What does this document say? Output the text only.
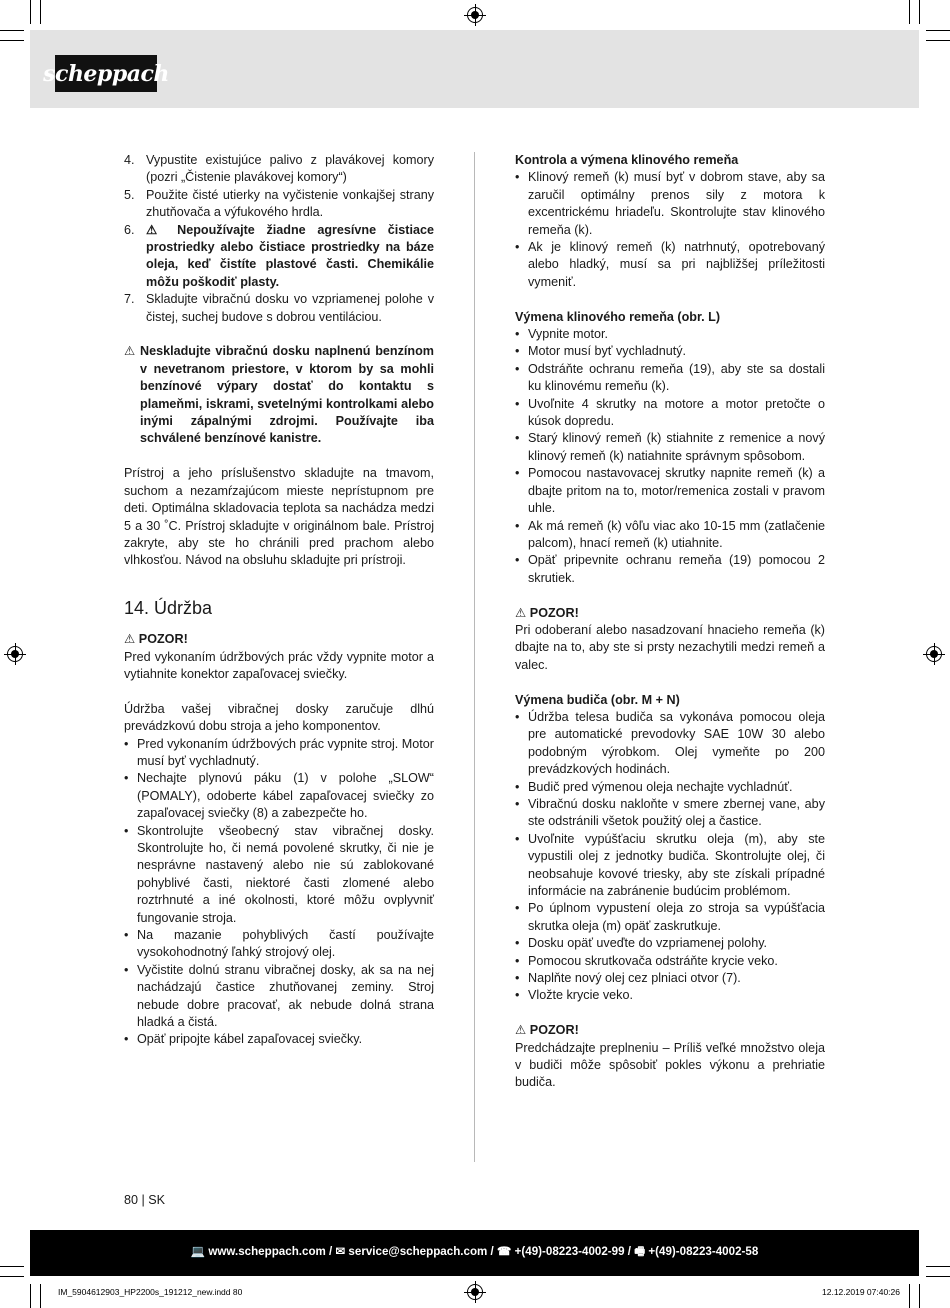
scheppach
4. Vypustite existujúce palivo z plavákovej komory (pozri „Čistenie plavákovej komory“)
5. Použite čisté utierky na vyčistenie vonkajšej strany zhutňovača a výfukového hrdla.
6. ⚠ Nepoužívajte žiadne agresívne čistiace prostriedky alebo čistiace prostriedky na báze oleja, keď čistíte plastové časti. Chemikálie môžu poškodiť plasty.
7. Skladujte vibračnú dosku vo vzpriamenej polohe v čistej, suchej budove s dobrou ventiláciou.
⚠ Neskladujte vibračnú dosku naplnenú benzínom v nevetranom priestore, v ktorom by sa mohli benzínové výpary dostať do kontaktu s plameňmi, iskrami, svetelnými kontrolkami alebo inými zápalnými zdrojmi. Používajte iba schválené benzínové kanistre.
Prístroj a jeho príslušenstvo skladujte na tmavom, suchom a nezamŕzajúcom mieste neprístupnom pre deti. Optimálna skladovacia teplota sa nachádza medzi 5 a 30 ˚C. Prístroj skladujte v originálnom bale. Prístroj zakryte, aby ste ho chránili pred prachom alebo vlhkosťou. Návod na obsluhu skladujte pri prístroji.
14. Údržba
⚠ POZOR!
Pred vykonaním údržbových prác vždy vypnite motor a vytiahnite konektor zapaľovacej sviečky.
Údržba vašej vibračnej dosky zaručuje dlhú prevádzkovú dobu stroja a jeho komponentov.
• Pred vykonaním údržbových prác vypnite stroj. Motor musí byť vychladnutý.
• Nechajte plynovú páku (1) v polohe „SLOW“ (POMALY), odoberte kábel zapaľovacej sviečky zo zapaľovacej sviečky (8) a zabezpečte ho.
• Skontrolujte všeobecný stav vibračnej dosky. Skontrolujte ho, či nemá povolené skrutky, či nie je nesprávne nastavený alebo nie sú zablokované pohyblivé časti, niektoré časti zlomené alebo roztrhnuté a iné okolnosti, ktoré môžu ovplyvniť fungovanie stroja.
• Na mazanie pohyblivých častí používajte vysokohodnotný ľahký strojový olej.
• Vyčistite dolnú stranu vibračnej dosky, ak sa na nej nachádzajú častice zhutňovanej zeminy. Stroj nebude dobre pracovať, ak nebude dolná strana hladká a čistá.
• Opäť pripojte kábel zapaľovacej sviečky.
Kontrola a výmena klinového remeňa
• Klinový remeň (k) musí byť v dobrom stave, aby sa zaručil optimálny prenos sily z motora k excentrickému hriadeľu. Skontrolujte stav klinového remeňa (k).
• Ak je klinový remeň (k) natrhnutý, opotrebovaný alebo hladký, musí sa pri najbližšej príležitosti vymeniť.
Výmena klinového remeňa (obr. L)
• Vypnite motor.
• Motor musí byť vychladnutý.
• Odstráňte ochranu remeňa (19), aby ste sa dostali ku klinovému remeňu (k).
• Uvoľnite 4 skrutky na motore a motor pretočte o kúsok dopredu.
• Starý klinový remeň (k) stiahnite z remenice a nový klinový remeň (k) natiahnite správnym spôsobom.
• Pomocou nastavovacej skrutky napnite remeň (k) a dbajte pritom na to, motor/remenica zostali v pravom uhle.
• Ak má remeň (k) vôľu viac ako 10-15 mm (zatlačenie palcom), hnací remeň (k) utiahnite.
• Opäť pripevnite ochranu remeňa (19) pomocou 2 skrutiek.
⚠ POZOR!
Pri odoberaní alebo nasadzovaní hnacieho remeňa (k) dbajte na to, aby ste si prsty nezachytili medzi remeň a valec.
Výmena budiča (obr. M + N)
• Údržba telesa budiča sa vykonáva pomocou oleja pre automatické prevodovky SAE 10W 30 alebo podobným výrobkom. Olej vymeňte po 200 prevádzkových hodinách.
• Budič pred výmenou oleja nechajte vychladnúť.
• Vibračnú dosku nakloňte v smere zbernej vane, aby ste odstránili všetok použitý olej a častice.
• Uvoľnite vypúšťaciu skrutku oleja (m), aby ste vypustili olej z jednotky budiča. Skontrolujte olej, či neobsahuje kovové triesky, aby ste získali prípadné informácie na zabránenie budúcim problémom.
• Po úplnom vypustení oleja zo stroja sa vypúšťacia skrutka oleja (m) opäť zaskrutkuje.
• Dosku opäť uveďte do vzpriamenej polohy.
• Pomocou skrutkovača odstráňte krycie veko.
• Naplňte nový olej cez plniaci otvor (7).
• Vložte krycie veko.
⚠ POZOR!
Predchádzajte preplneniu – Príliš veľké množstvo oleja v budiči môže spôsobiť pokles výkonu a prehriatie budiča.
80 | SK
💻 www.scheppach.com / ✉ service@scheppach.com / ☎ +(49)-08223-4002-99 / 🖷 +(49)-08223-4002-58
IM_5904612903_HP2200s_191212_new.indd 80	12.12.2019 07:40:26
